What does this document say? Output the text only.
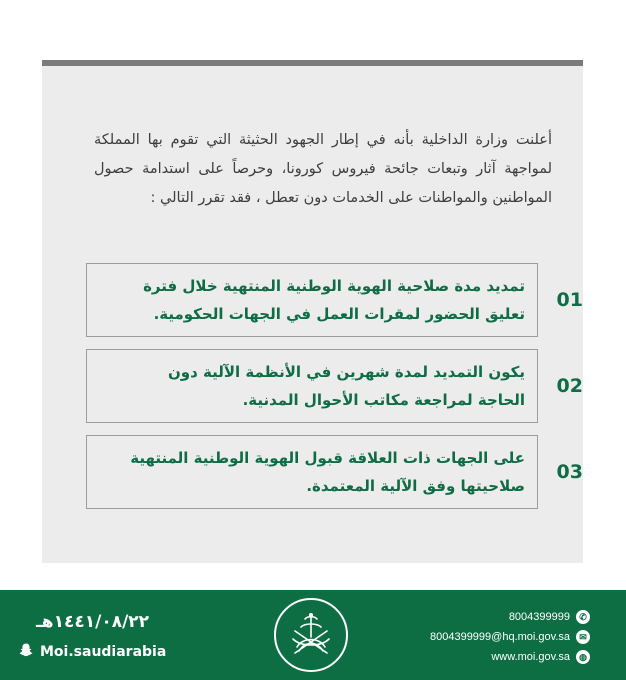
أعلنت وزارة الداخلية بأنه في إطار الجهود الحثيثة التي تقوم بها المملكة لمواجهة آثار وتبعات جائحة فيروس كورونا، وحرصاً على استدامة حصول المواطنين والمواطنات على الخدمات دون تعطل ، فقد تقرر التالي :
تمديد مدة صلاحية الهوية الوطنية المنتهية خلال فترة تعليق الحضور لمقرات العمل في الجهات الحكومية.
01
يكون التمديد لمدة شهرين في الأنظمة الآلية دون الحاجة لمراجعة مكاتب الأحوال المدنية.
02
على الجهات ذات العلاقة قبول الهوية الوطنية المنتهية صلاحيتها وفق الآلية المعتمدة.
03
١٤٤١/٠٨/٢٢هـ
Moi.saudiarabia
8004399999	✆
8004399999@hq.moi.gov.sa	✉
www.moi.gov.sa	◍
